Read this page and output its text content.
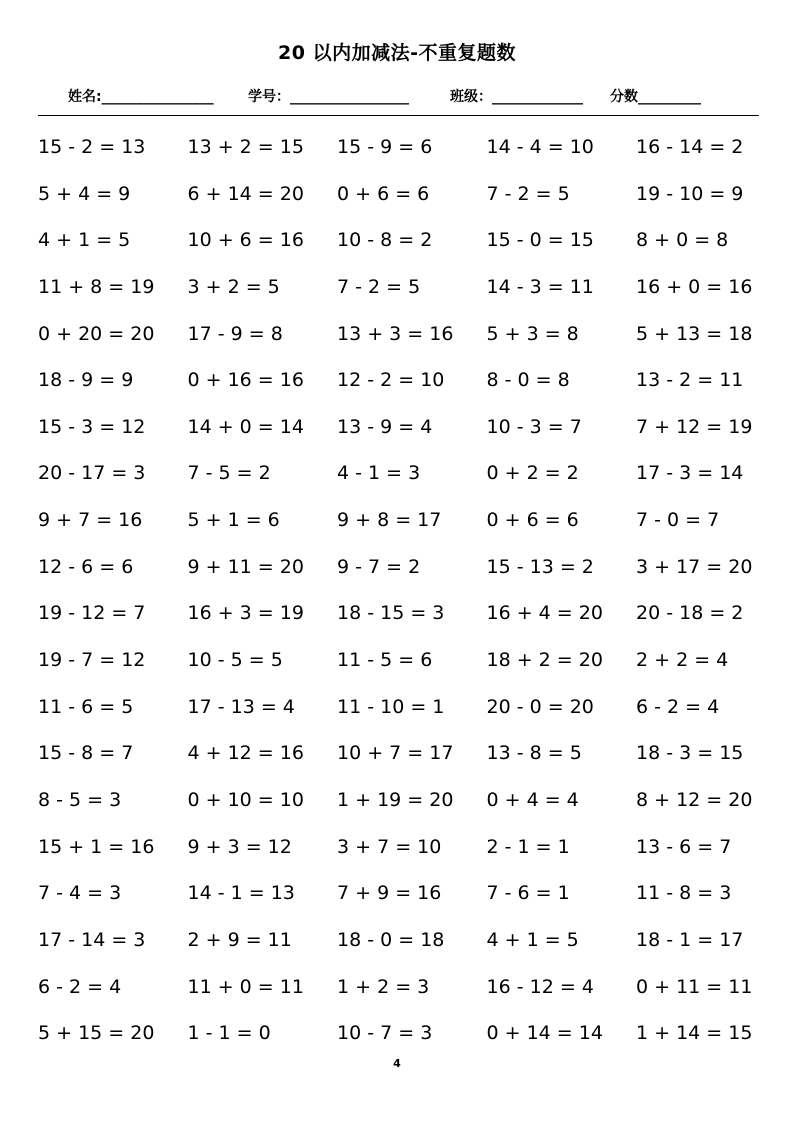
20 以内加减法-不重复题数
姓名:________________ 学号：_________________	班级：_____________ 分数_________
15 - 2 = 13	13 + 2 = 15	15 - 9 = 6	14 - 4 = 10	16 - 14 = 2
5 + 4 = 9	6 + 14 = 20	0 + 6 = 6	7 - 2 = 5	19 - 10 = 9
4 + 1 = 5	10 + 6 = 16	10 - 8 = 2	15 - 0 = 15	8 + 0 = 8
11 + 8 = 19	3 + 2 = 5	7 - 2 = 5	14 - 3 = 11	16 + 0 = 16
0 + 20 = 20	17 - 9 = 8	13 + 3 = 16	5 + 3 = 8	5 + 13 = 18
18 - 9 = 9	0 + 16 = 16	12 - 2 = 10	8 - 0 = 8	13 - 2 = 11
15 - 3 = 12	14 + 0 = 14	13 - 9 = 4	10 - 3 = 7	7 + 12 = 19
20 - 17 = 3	7 - 5 = 2	4 - 1 = 3	0 + 2 = 2	17 - 3 = 14
9 + 7 = 16	5 + 1 = 6	9 + 8 = 17	0 + 6 = 6	7 - 0 = 7
12 - 6 = 6	9 + 11 = 20	9 - 7 = 2	15 - 13 = 2	3 + 17 = 20
19 - 12 = 7	16 + 3 = 19	18 - 15 = 3	16 + 4 = 20	20 - 18 = 2
19 - 7 = 12	10 - 5 = 5	11 - 5 = 6	18 + 2 = 20	2 + 2 = 4
11 - 6 = 5	17 - 13 = 4	11 - 10 = 1	20 - 0 = 20	6 - 2 = 4
15 - 8 = 7	4 + 12 = 16	10 + 7 = 17	13 - 8 = 5	18 - 3 = 15
8 - 5 = 3	0 + 10 = 10	1 + 19 = 20	0 + 4 = 4	8 + 12 = 20
15 + 1 = 16	9 + 3 = 12	3 + 7 = 10	2 - 1 = 1	13 - 6 = 7
7 - 4 = 3	14 - 1 = 13	7 + 9 = 16	7 - 6 = 1	11 - 8 = 3
17 - 14 = 3	2 + 9 = 11	18 - 0 = 18	4 + 1 = 5	18 - 1 = 17
6 - 2 = 4	11 + 0 = 11	1 + 2 = 3	16 - 12 = 4	0 + 11 = 11
5 + 15 = 20	1 - 1 = 0	10 - 7 = 3	0 + 14 = 14	1 + 14 = 15
4
